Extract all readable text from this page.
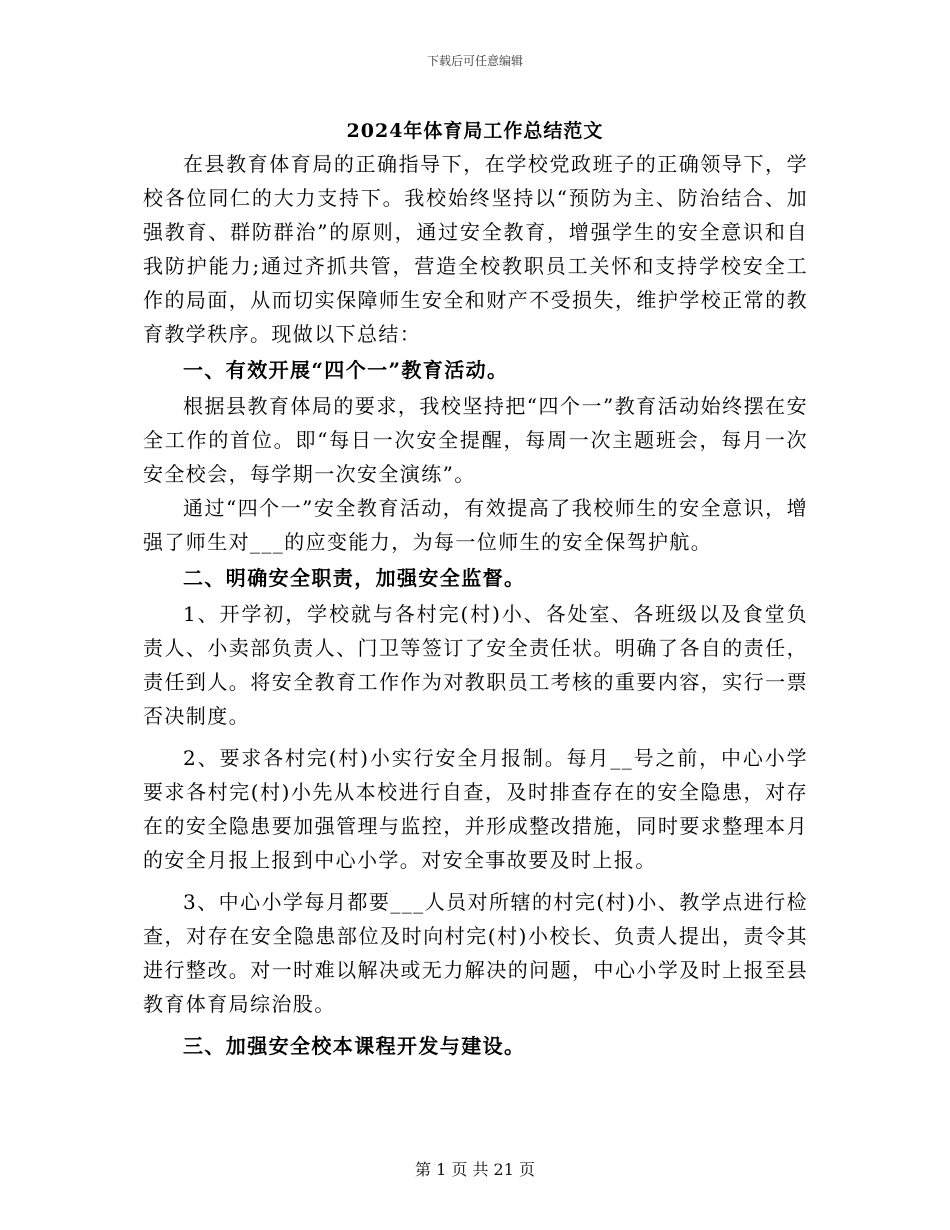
下载后可任意编辑
2024年体育局工作总结范文

在县教育体育局的正确指导下，在学校党政班子的正确领导下，学校各位同仁的大力支持下。我校始终坚持以“预防为主、防治结合、加强教育、群防群治”的原则，通过安全教育，增强学生的安全意识和自我防护能力;通过齐抓共管，营造全校教职员工关怀和支持学校安全工作的局面，从而切实保障师生安全和财产不受损失，维护学校正常的教育教学秩序。现做以下总结：

一、有效开展“四个一”教育活动。

根据县教育体局的要求，我校坚持把“四个一”教育活动始终摆在安全工作的首位。即“每日一次安全提醒，每周一次主题班会，每月一次安全校会，每学期一次安全演练”。

通过“四个一”安全教育活动，有效提高了我校师生的安全意识，增强了师生对___的应变能力，为每一位师生的安全保驾护航。

二、明确安全职责，加强安全监督。

1、开学初，学校就与各村完(村)小、各处室、各班级以及食堂负责人、小卖部负责人、门卫等签订了安全责任状。明确了各自的责任，责任到人。将安全教育工作作为对教职员工考核的重要内容，实行一票否决制度。

2、要求各村完(村)小实行安全月报制。每月__号之前，中心小学要求各村完(村)小先从本校进行自查，及时排查存在的安全隐患，对存在的安全隐患要加强管理与监控，并形成整改措施，同时要求整理本月的安全月报上报到中心小学。对安全事故要及时上报。

3、中心小学每月都要___人员对所辖的村完(村)小、教学点进行检查，对存在安全隐患部位及时向村完(村)小校长、负责人提出，责令其进行整改。对一时难以解决或无力解决的问题，中心小学及时上报至县教育体育局综治股。

三、加强安全校本课程开发与建设。

第 1 页 共 21 页
